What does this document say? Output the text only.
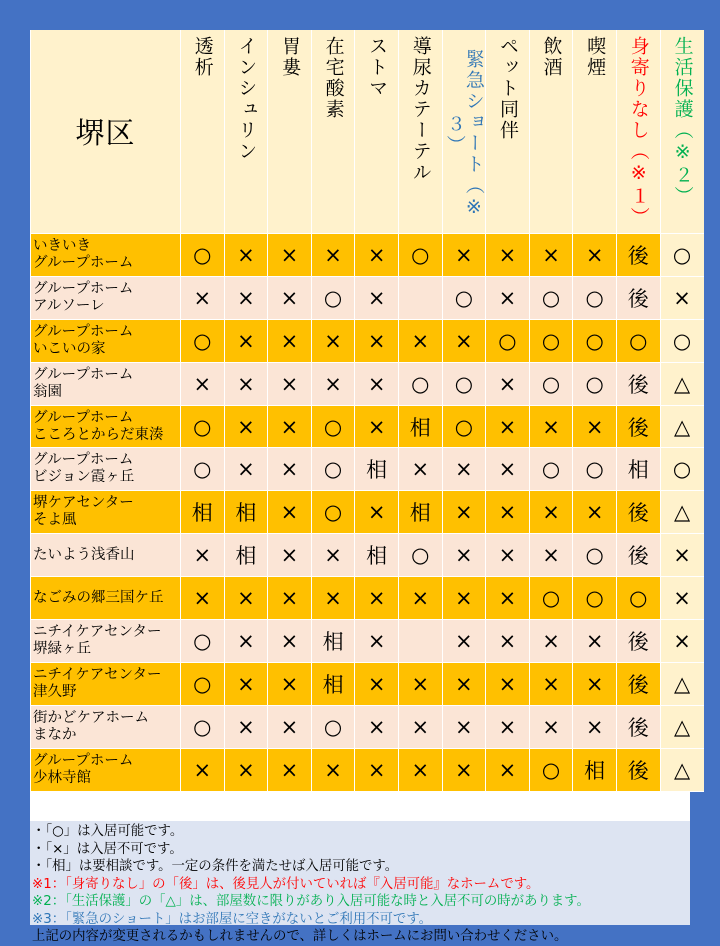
堺区	透析	インシュリン	胃婁	在宅酸素	ストマ	導尿カテーテル	緊急ショート（※３）	ペット同伴	飲酒	喫煙	身寄りなし（※１）	生活保護（※２）

いきいき
グループホーム	○	×	×	×	×	○	×	×	×	×	後	○

グループホーム
アルソーレ	×	×	×	○	×		○	×	○	○	後	×

グループホーム
いこいの家	○	×	×	×	×	×	×	○	○	○	○	○

グループホーム
翁園	×	×	×	×	×	○	○	×	○	○	後	△

グループホーム
こころとからだ東湊	○	×	×	○	×	相	○	×	×	×	後	△

グループホーム
ビジョン霞ヶ丘	○	×	×	○	相	×	×	×	○	○	相	○

堺ケアセンター
そよ風	相	相	×	○	×	相	×	×	×	×	後	△

たいよう浅香山	×	相	×	×	相	○	×	×	×	○	後	×

なごみの郷三国ケ丘	×	×	×	×	×	×	×	×	○	○	○	×

ニチイケアセンター
堺緑ヶ丘	○	×	×	相	×		×	×	×	×	後	×

ニチイケアセンター
津久野	○	×	×	相	×	×	×	×	×	×	後	△

街かどケアホーム
まなか	○	×	×	○	×	×	×	×	×	×	後	△

グループホーム
少林寺館	×	×	×	×	×	×	×	×	○	相	後	△
・「○」は入居可能です。
・「×」は入居不可です。
・「相」は要相談です。一定の条件を満たせば入居可能です。
※1：「身寄りなし」の「後」は、後見人が付いていれば『入居可能』なホームです。
※2：「生活保護」の「△」は、部屋数に限りがあり入居可能な時と入居不可の時があります。
※3：「緊急のショート」はお部屋に空きがないとご利用不可です。
上記の内容が変更されるかもしれませんので、詳しくはホームにお問い合わせください。
